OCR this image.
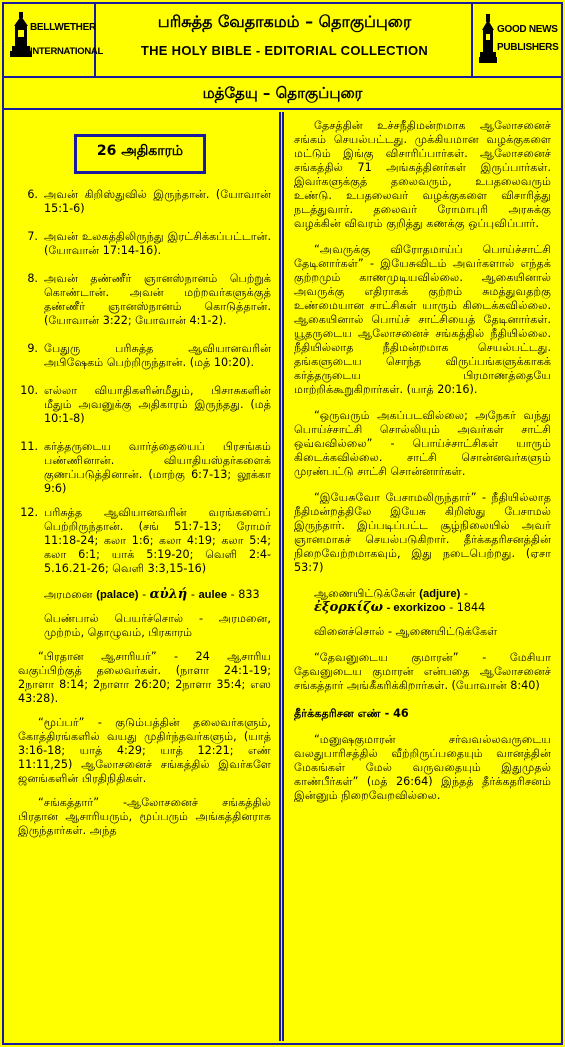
BELLWETHER
INTERNATIONAL
பரிசுத்த வேதாகமம் – தொகுப்புரை
THE HOLY BIBLE - EDITORIAL COLLECTION
GOOD NEWS
PUBLISHERS
மத்தேயு – தொகுப்புரை
26 அதிகாரம்
6. அவன் கிறிஸ்துவில் இருந்தான். (யோவான் 15:1-6)
7. அவன் உலகத்திலிருந்து இரட்சிக்கப்பட்டான். (யோவான் 17:14-16).
8. அவன் தண்ணீர் ஞானஸ்நானம் பெற்றுக் கொண்டான். அவன் மற்றவர்களுக்குத் தண்ணீர் ஞானஸ்நானம் கொடுத்தான். (யோவான் 3:22; யோவான் 4:1-2).
9. பேதுரு பரிசுத்த ஆவியானவரின் அபிஷேகம் பெற்றிருந்தான். (மத் 10:20).
10. எல்லா வியாதிகளின்மீதும், பிசாசுகளின் மீதும் அவனுக்கு அதிகாரம் இருந்தது. (மத் 10:1-8)
11. கர்த்தருடைய வார்த்தையைப் பிரசங்கம் பண்ணினான். வியாதியஸ்தர்களைக் குணப்படுத்தினான். (மாற்கு 6:7-13; லூக்கா 9:6)
12. பரிசுத்த ஆவியானவரின் வரங்களைப் பெற்றிருந்தான். (சங் 51:7-13; ரோமர் 11:18-24; கலா 1:6; கலா 4:19; கலா 5:4; கலா 6:1; யாக் 5:19-20; வெளி 2:4-5.16.21-26; வெளி 3:3,15-16)
அரமனை (palace) - αὐλή - aulee - 833
பெண்பால் பெயர்ச்சொல் - அரமனை, முற்றம், தொழுவம், பிரகாரம்

“பிரதான ஆசாரியர்” - 24 ஆசாரிய வகுப்பிற்குத் தலைவர்கள். (நாளா 24:1-19; 2நாளா 8:14; 2நாளா 26:20; 2நாளா 35:4; எஸ 43:28).

“மூப்பர்” - குடும்பத்தின் தலைவர்களும், கோத்திரங்களில் வயது முதிர்ந்தவர்களும், (யாத் 3:16-18; யாத் 4:29; யாத் 12:21; எண் 11:11,25) ஆலோசனைச் சங்கத்தில் இவர்களே ஜனங்களின் பிரதிநிதிகள்.

“சங்கத்தார்” -ஆலோசனைச் சங்கத்தில் பிரதான ஆசாரியரும், மூப்பரும் அங்கத்தினராக இருந்தார்கள். அந்த

தேசத்தின் உச்சநீதிமன்றமாக ஆலோசனைச் சங்கம் செயல்பட்டது. முக்கியமான வழக்குகளை மட்டும் இங்கு விசாரிப்பார்கள். ஆலோசனைச் சங்கத்தில் 71 அங்கத்தினர்கள் இருப்பார்கள். இவர்களுக்குத் தலைவரும், உபதலைவரும் உண்டு. உபதலைவர் வழக்குகளை விசாரித்து நடத்துவார். தலைவர் ரோமாபுரி அரசுக்கு வழக்கின் விவரம் குறித்து கணக்கு ஒப்புவிப்பார்.

“அவருக்கு விரோதமாய்ப் பொய்ச்சாட்சி தேடினார்கள்” - இயேசுவிடம் அவர்களால் எந்தக் குற்றமும் காணமுடியவில்லை. ஆகையினால் அவருக்கு எதிராகக் குற்றம் சுமத்துவதற்கு உண்மையான சாட்சிகள் யாரும் கிடைக்கவில்லை. ஆகையினால் பொய்ச் சாட்சியைத் தேடினார்கள். யூதருடைய ஆலோசனைச் சங்கத்தில் நீதியில்லை. நீதியில்லாத நீதிமன்றமாக செயல்பட்டது. தங்களுடைய சொந்த விருப்பங்களுக்காகக் கர்த்தருடைய பிரமாணத்தையே மாற்றிக்கூறுகிறார்கள். (யாத் 20:16).

“ஒருவரும் அகப்படவில்லை; அநேகர் வந்து பொய்ச்சாட்சி சொல்லியும் அவர்கள் சாட்சி ஒவ்வவில்லை” - பொய்ச்சாட்சிகள் யாரும் கிடைக்கவில்லை. சாட்சி சொன்னவர்களும் முரண்பட்டு சாட்சி சொன்னார்கள்.

“இயேசுவோ பேசாமலிருந்தார்” - நீதியில்லாத நீதிமன்றத்திலே இயேசு கிறிஸ்து பேசாமல் இருந்தார். இப்படிப்பட்ட சூழ்நிலையில் அவர் ஞானமாகச் செயல்படுகிறார். தீர்க்கதரிசனத்தின் நிறைவேற்றமாகவும், இது நடைபெற்றது. (ஏசா 53:7)

ஆணையிட்டுக்கேள் (adjure) -
ἐξορκίζω - exorkizoo - 1844
வினைச்சொல் - ஆணையிட்டுக்கேள்

“தேவனுடைய குமாரன்” - மேசியா தேவனுடைய குமாரன் என்பதை ஆலோசனைச் சங்கத்தார் அங்கீகரிக்கிறார்கள். (யோவான் 8:40)

தீர்க்கதரிசன எண் - 46

“மனுஷகுமாரன் சர்வவல்லவருடைய வலதுபாரிசத்தில் வீற்றிருப்பதையும் வானத்தின் மேகங்கள் மேல் வருவதையும் இதுமுதல் காண்பீர்கள்” (மத் 26:64) இந்தத் தீர்க்கதரிசனம் இன்னும் நிறைவேறவில்லை.
